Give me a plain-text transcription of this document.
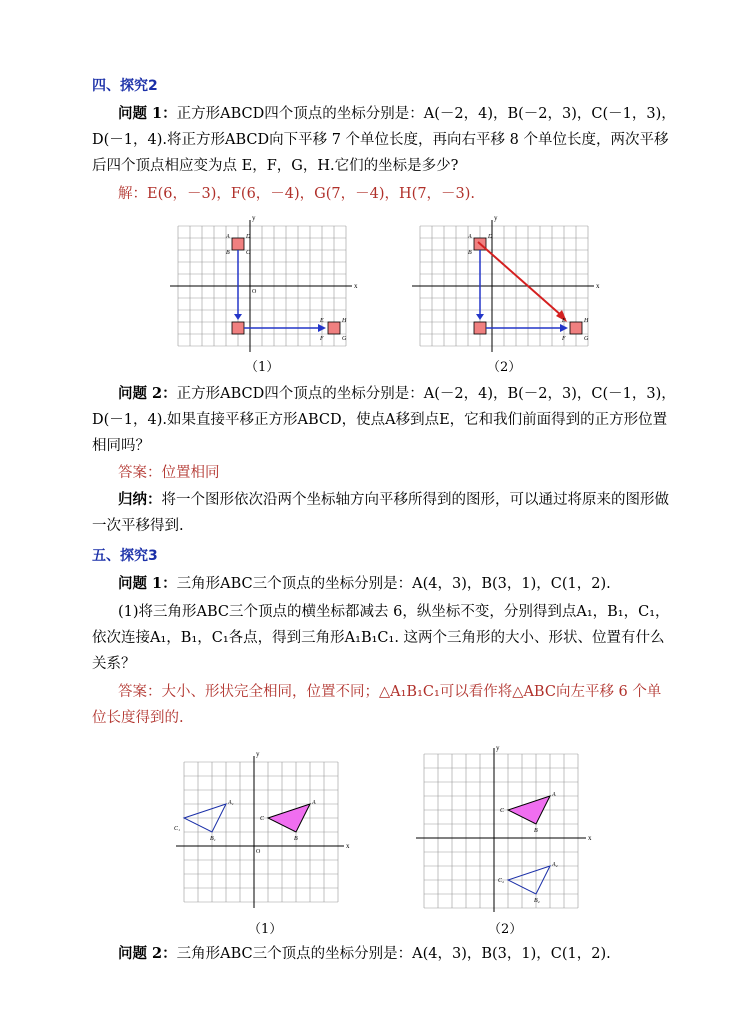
四、探究2
问题 1：正方形ABCD四个顶点的坐标分别是：A(－2，4)，B(－2，3)，C(－1，3)，
D(－1，4).将正方形ABCD向下平移 7 个单位长度，再向右平移 8 个单位长度，两次平移
后四个顶点相应变为点 E，F，G，H.它们的坐标是多少?
解：E(6，－3)，F(6，－4)，G(7，－4)，H(7，－3).
x
y
O
A	D
B	C
E	H
F	G
（1）
x
y
A	D
B
H
E
F	G
（2）
问题 2：正方形ABCD四个顶点的坐标分别是：A(－2，4)，B(－2，3)，C(－1，3)，
D(－1，4).如果直接平移正方形ABCD，使点A移到点E，它和我们前面得到的正方形位置
相同吗？
答案：位置相同
归纳：将一个图形依次沿两个坐标轴方向平移所得到的图形，可以通过将原来的图形做
一次平移得到.
五、探究3
问题 1：三角形ABC三个顶点的坐标分别是：A(4，3)，B(3，1)，C(1，2).
(1)将三角形ABC三个顶点的横坐标都减去 6，纵坐标不变，分别得到点A₁，B₁，C₁，
依次连接A₁，B₁，C₁各点，得到三角形A₁B₁C₁. 这两个三角形的大小、形状、位置有什么
关系？
答案：大小、形状完全相同，位置不同；△A₁B₁C₁可以看作将△ABC向左平移 6 个单
位长度得到的.
x
y
O
A
B
C
A₁
B₁
C₁
（1）
x
y
A
B
C
A₂
B₂
C₂
（2）
问题 2：三角形ABC三个顶点的坐标分别是：A(4，3)，B(3，1)，C(1，2).
